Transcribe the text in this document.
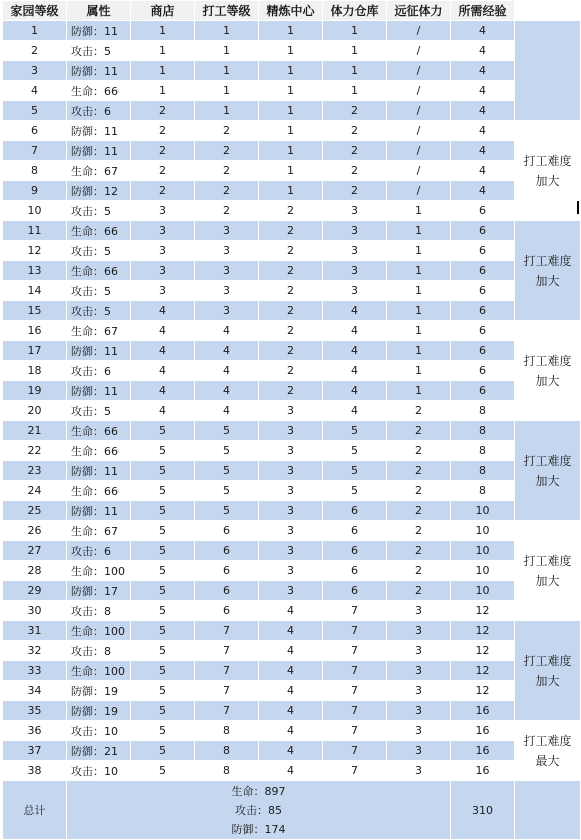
家园等级	属性	商店	打工等级	精炼中心	体力仓库	远征体力	所需经验	
1	防御：11	1	1	1	1	/	4	
2	攻击：5	1	1	1	1	/	4	
3	防御：11	1	1	1	1	/	4	
4	生命：66	1	1	1	1	/	4	
5	攻击：6	2	1	1	2	/	4	
6	防御：11	2	2	1	2	/	4	打工难度
加大

7	防御：11	2	2	1	2	/	4	
8	生命：67	2	2	1	2	/	4	
9	防御：12	2	2	1	2	/	4	
10	攻击：5	3	2	2	3	1	6	
11	生命：66	3	3	2	3	1	6	打工难度
加大

12	攻击：5	3	3	2	3	1	6	
13	生命：66	3	3	2	3	1	6	
14	攻击：5	3	3	2	3	1	6	
15	攻击：5	4	3	2	4	1	6	
16	生命：67	4	4	2	4	1	6	打工难度
加大

17	防御：11	4	4	2	4	1	6	
18	攻击：6	4	4	2	4	1	6	
19	防御：11	4	4	2	4	1	6	
20	攻击：5	4	4	3	4	2	8	
21	生命：66	5	5	3	5	2	8	打工难度
加大

22	生命：66	5	5	3	5	2	8	
23	防御：11	5	5	3	5	2	8	
24	生命：66	5	5	3	5	2	8	
25	防御：11	5	5	3	6	2	10	
26	生命：67	5	6	3	6	2	10	打工难度
加大

27	攻击：6	5	6	3	6	2	10	
28	生命：100	5	6	3	6	2	10	
29	防御：17	5	6	3	6	2	10	
30	攻击：8	5	6	4	7	3	12	
31	生命：100	5	7	4	7	3	12	打工难度
加大

32	攻击：8	5	7	4	7	3	12	
33	生命：100	5	7	4	7	3	12	
34	防御：19	5	7	4	7	3	12	
35	防御：19	5	7	4	7	3	16	
36	攻击：10	5	8	4	7	3	16	打工难度
最大

37	防御：21	5	8	4	7	3	16	
38	攻击：10	5	8	4	7	3	16	
总计	生命：897
攻击：85
防御：174						310	
